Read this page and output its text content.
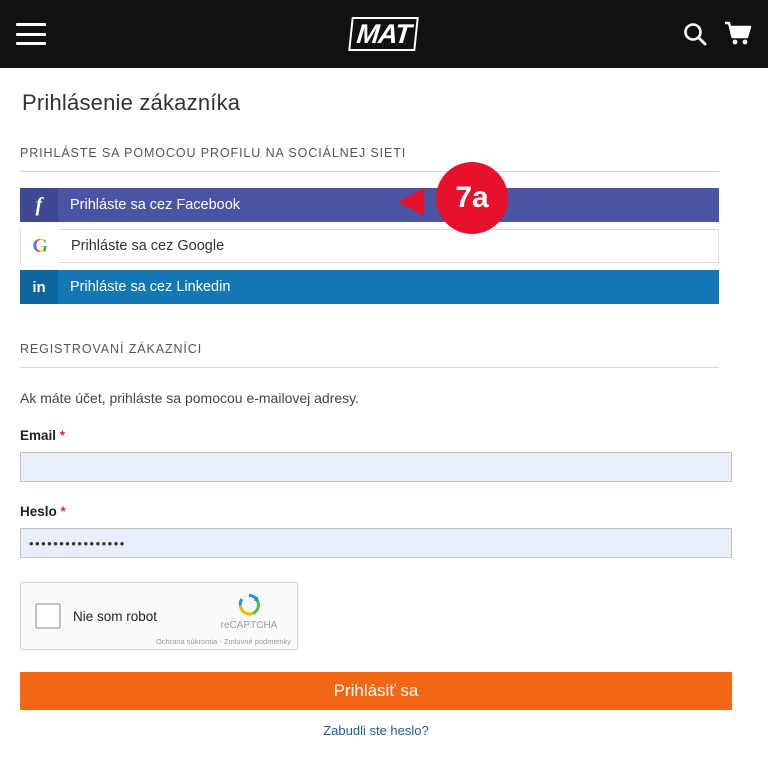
MAT
Prihlásenie zákazníka
PRIHLÁSTE SA POMOCOU PROFILU NA SOCIÁLNEJ SIETI
f	Prihláste sa cez Facebook
G	Prihláste sa cez Google
in	Prihláste sa cez Linkedin
REGISTROVANÍ ZÁKAZNÍCI
Ak máte účet, prihláste sa pomocou e-mailovej adresy.
Email *
Heslo *
••••••••••••••••
Nie som robot
reCAPTCHA
Ochrana súkromia - Zmluvné podmienky
Prihlásiť sa
Zabudli ste heslo?
7a
